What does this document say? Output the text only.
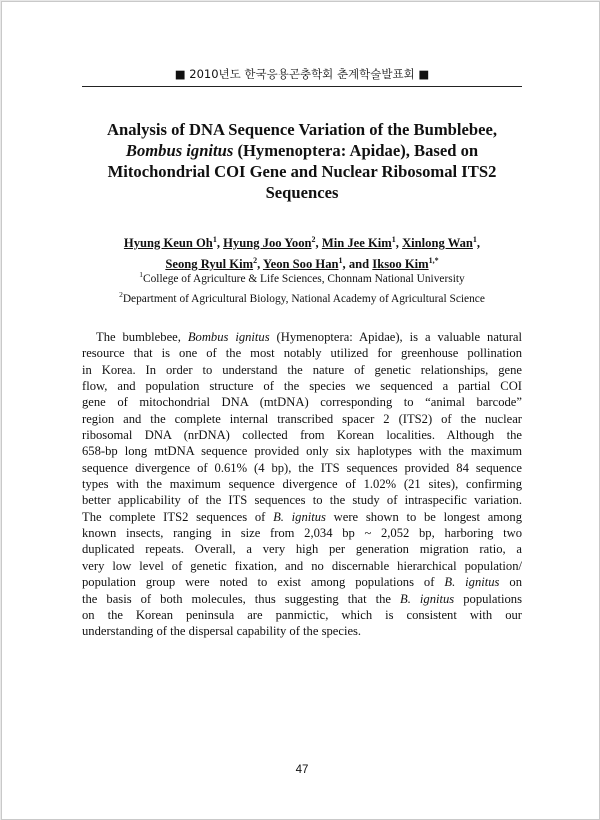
■ 2010년도 한국응용곤충학회 춘계학술발표회 ■
Analysis of DNA Sequence Variation of the Bumblebee,
Bombus ignitus (Hymenoptera: Apidae), Based on
Mitochondrial COI Gene and Nuclear Ribosomal ITS2
Sequences
Hyung Keun Oh$^1$, Hyung Joo Yoon$^2$, Min Jee Kim$^1$, Xinlong Wan$^1$,
Seong Ryul Kim$^2$, Yeon Soo Han$^1$, and Iksoo Kim$^{1,*}$
$^1$College of Agriculture & Life Sciences, Chonnam National University
$^2$Department of Agricultural Biology, National Academy of Agricultural Science
The bumblebee, Bombus ignitus (Hymenoptera: Apidae), is a valuable natural
resource that is one of the most notably utilized for greenhouse pollination
in Korea. In order to understand the nature of genetic relationships, gene
flow, and population structure of the species we sequenced a partial COI
gene of mitochondrial DNA (mtDNA) corresponding to “animal barcode”
region and the complete internal transcribed spacer 2 (ITS2) of the nuclear
ribosomal DNA (nrDNA) collected from Korean localities. Although the
658-bp long mtDNA sequence provided only six haplotypes with the maximum
sequence divergence of 0.61% (4 bp), the ITS sequences provided 84 sequence
types with the maximum sequence divergence of 1.02% (21 sites), confirming
better applicability of the ITS sequences to the study of intraspecific variation.
The complete ITS2 sequences of B. ignitus were shown to be longest among
known insects, ranging in size from 2,034 bp ~ 2,052 bp, harboring two
duplicated repeats. Overall, a very high per generation migration ratio, a
very low level of genetic fixation, and no discernable hierarchical population/
population group were noted to exist among populations of B. ignitus on
the basis of both molecules, thus suggesting that the B. ignitus populations
on the Korean peninsula are panmictic, which is consistent with our
understanding of the dispersal capability of the species.
47
